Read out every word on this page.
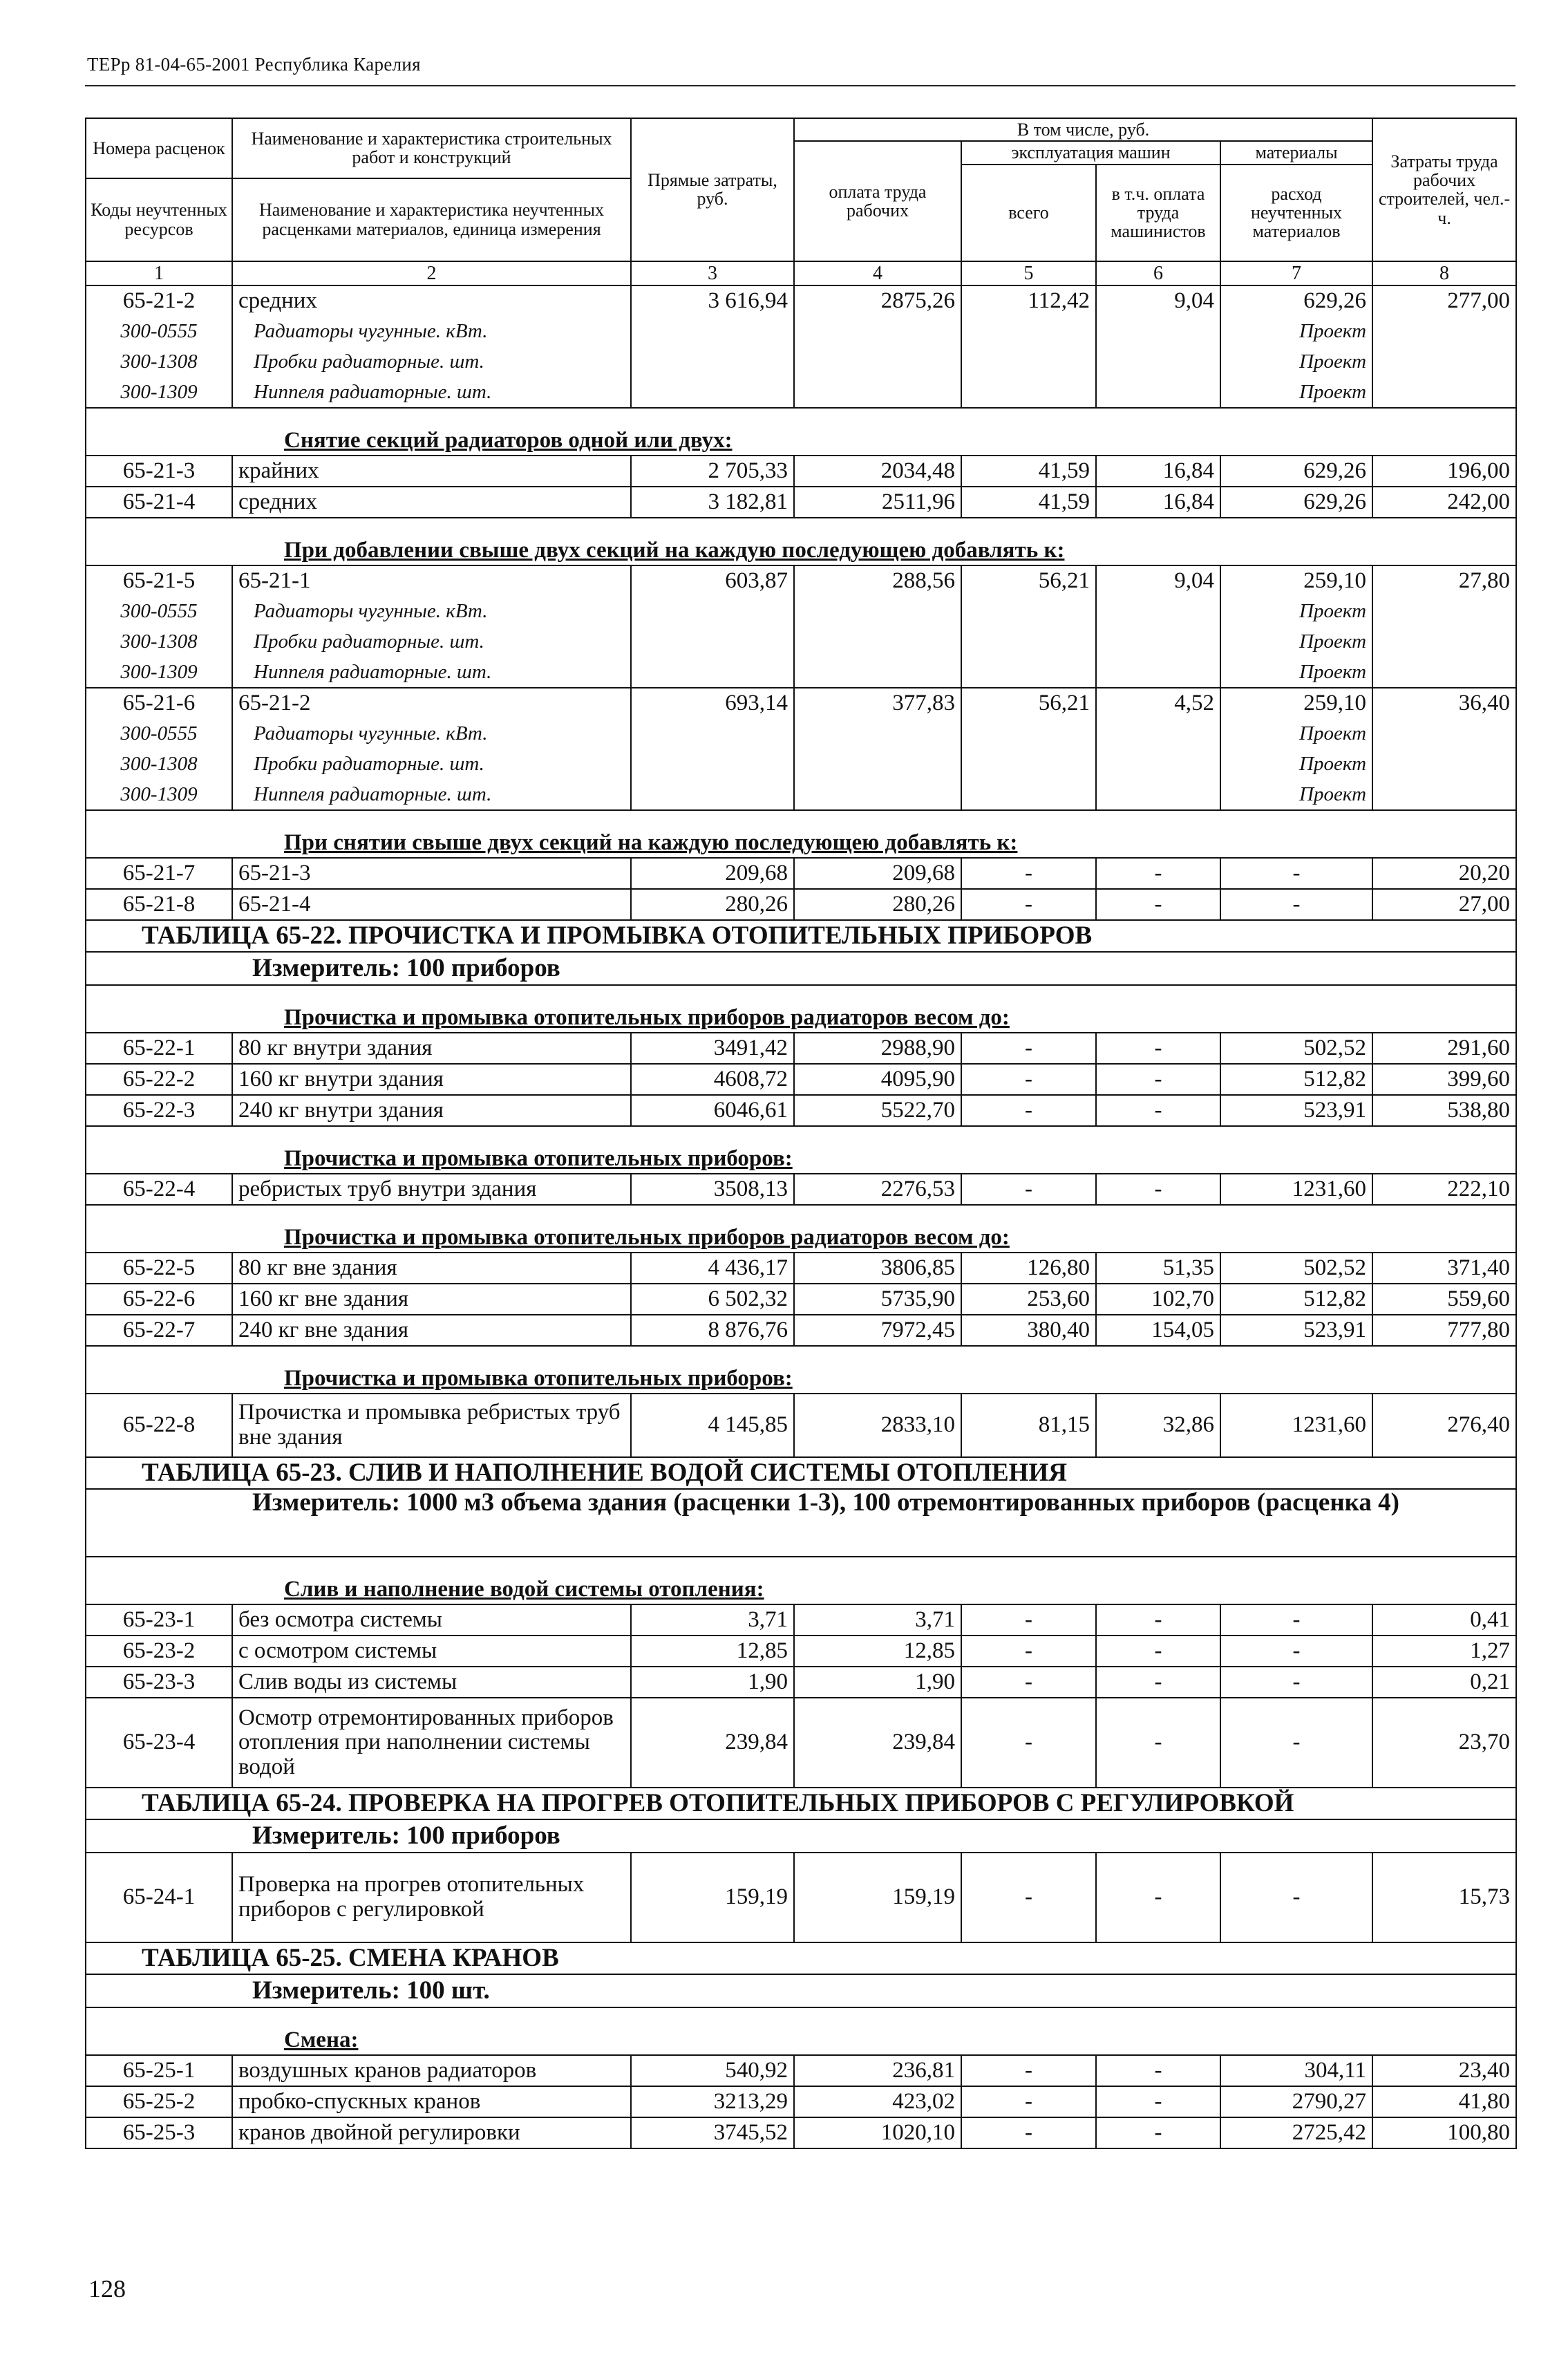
ТЕРр 81-04-65-2001 Республика Карелия
Номера расценок	Наименование и характеристика строительных работ и конструкций	Прямые затраты, руб.	В том числе, руб.				Затраты труда рабочих строителей, чел.-ч.
			оплата труда рабочих	эксплуатация машин		материалы	
				всего	в т.ч. оплата труда машинистов	расход неучтенных материалов	
Коды неучтенных ресурсов	Наименование и характеристика неучтенных расценками материалов, единица измерения						

1	2	3	4	5	6	7	8
65-21-2	средних	3 616,94	2875,26	112,42	9,04	629,26	277,00
300-0555	Радиаторы чугунные. кВт.					Проект	
300-1308	Пробки радиаторные. шт.					Проект	
300-1309	Ниппеля радиаторные. шт.					Проект	
Снятие секций радиаторов одной или двух:							
65-21-3	крайних	2 705,33	2034,48	41,59	16,84	629,26	196,00
65-21-4	средних	3 182,81	2511,96	41,59	16,84	629,26	242,00
При добавлении свыше двух секций на каждую последующею добавлять к:							
65-21-5	65-21-1	603,87	288,56	56,21	9,04	259,10	27,80
300-0555	Радиаторы чугунные. кВт.					Проект	
300-1308	Пробки радиаторные. шт.					Проект	
300-1309	Ниппеля радиаторные. шт.					Проект	
65-21-6	65-21-2	693,14	377,83	56,21	4,52	259,10	36,40
300-0555	Радиаторы чугунные. кВт.					Проект	
300-1308	Пробки радиаторные. шт.					Проект	
300-1309	Ниппеля радиаторные. шт.					Проект	
При снятии свыше двух секций на каждую последующею добавлять к:							
65-21-7	65-21-3	209,68	209,68	-	-	-	20,20
65-21-8	65-21-4	280,26	280,26	-	-	-	27,00
ТАБЛИЦА 65-22. ПРОЧИСТКА И ПРОМЫВКА ОТОПИТЕЛЬНЫХ ПРИБОРОВ							
Измеритель: 100 приборов							
Прочистка и промывка отопительных приборов радиаторов весом до:							
65-22-1	80 кг внутри здания	3491,42	2988,90	-	-	502,52	291,60
65-22-2	160 кг внутри здания	4608,72	4095,90	-	-	512,82	399,60
65-22-3	240 кг внутри здания	6046,61	5522,70	-	-	523,91	538,80
Прочистка и промывка отопительных приборов:							
65-22-4	ребристых труб внутри здания	3508,13	2276,53	-	-	1231,60	222,10
Прочистка и промывка отопительных приборов радиаторов весом до:							
65-22-5	80 кг вне здания	4 436,17	3806,85	126,80	51,35	502,52	371,40
65-22-6	160 кг вне здания	6 502,32	5735,90	253,60	102,70	512,82	559,60
65-22-7	240 кг вне здания	8 876,76	7972,45	380,40	154,05	523,91	777,80
Прочистка и промывка отопительных приборов:							
65-22-8	Прочистка и промывка ребристых труб вне здания	4 145,85	2833,10	81,15	32,86	1231,60	276,40
ТАБЛИЦА 65-23. СЛИВ И НАПОЛНЕНИЕ ВОДОЙ СИСТЕМЫ ОТОПЛЕНИЯ							
Измеритель: 1000 м3 объема здания (расценки 1-3), 100 отремонтированных приборов (расценка 4)							
Слив и наполнение водой системы отопления:							
65-23-1	без осмотра системы	3,71	3,71	-	-	-	0,41
65-23-2	с осмотром системы	12,85	12,85	-	-	-	1,27
65-23-3	Слив воды из системы	1,90	1,90	-	-	-	0,21
65-23-4	Осмотр отремонтированных приборов отопления при наполнении системы водой	239,84	239,84	-	-	-	23,70
ТАБЛИЦА 65-24. ПРОВЕРКА НА ПРОГРЕВ ОТОПИТЕЛЬНЫХ ПРИБОРОВ С РЕГУЛИРОВКОЙ							
Измеритель: 100 приборов							
65-24-1	Проверка на прогрев отопительных приборов с регулировкой	159,19	159,19	-	-	-	15,73
ТАБЛИЦА 65-25. СМЕНА КРАНОВ							
Измеритель: 100 шт.							
Смена:							
65-25-1	воздушных кранов радиаторов	540,92	236,81	-	-	304,11	23,40
65-25-2	пробко-спускных кранов	3213,29	423,02	-	-	2790,27	41,80
65-25-3	кранов двойной регулировки	3745,52	1020,10	-	-	2725,42	100,80
128
